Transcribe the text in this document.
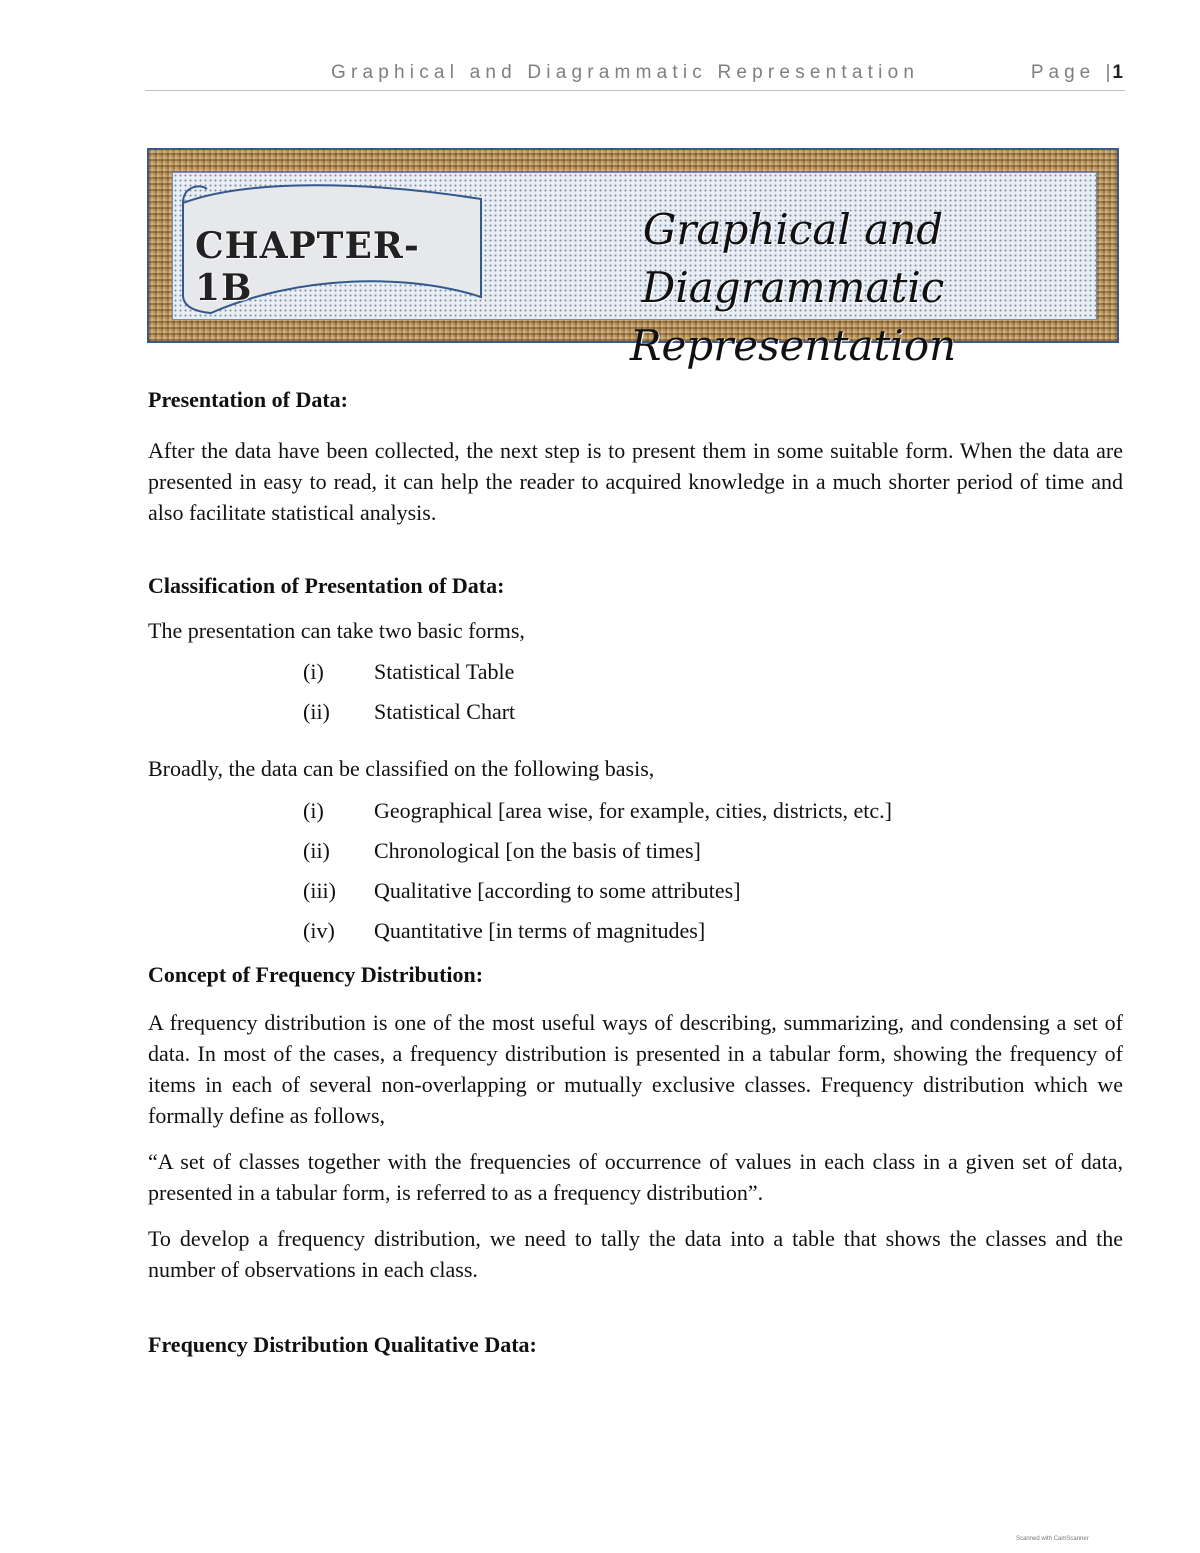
Graphical and Diagrammatic Representation	Page |1
CHAPTER-1B
Graphical and Diagrammatic
Representation
Presentation of Data:

After the data have been collected, the next step is to present them in some suitable form. When the data are presented in easy to read, it can help the reader to acquired knowledge in a much shorter period of time and also facilitate statistical analysis.

Classification of Presentation of Data:

The presentation can take two basic forms,

(i) Statistical Table
(ii) Statistical Chart

Broadly, the data can be classified on the following basis,

(i) Geographical [area wise, for example, cities, districts, etc.]
(ii) Chronological [on the basis of times]
(iii) Qualitative [according to some attributes]
(iv) Quantitative [in terms of magnitudes]
Concept of Frequency Distribution:

A frequency distribution is one of the most useful ways of describing, summarizing, and condensing a set of data. In most of the cases, a frequency distribution is presented in a tabular form, showing the frequency of items in each of several non-overlapping or mutually exclusive classes. Frequency distribution which we formally define as follows,

“A set of classes together with the frequencies of occurrence of values in each class in a given set of data, presented in a tabular form, is referred to as a frequency distribution”.

To develop a frequency distribution, we need to tally the data into a table that shows the classes and the number of observations in each class.

Frequency Distribution Qualitative Data:
Scanned with CamScanner
